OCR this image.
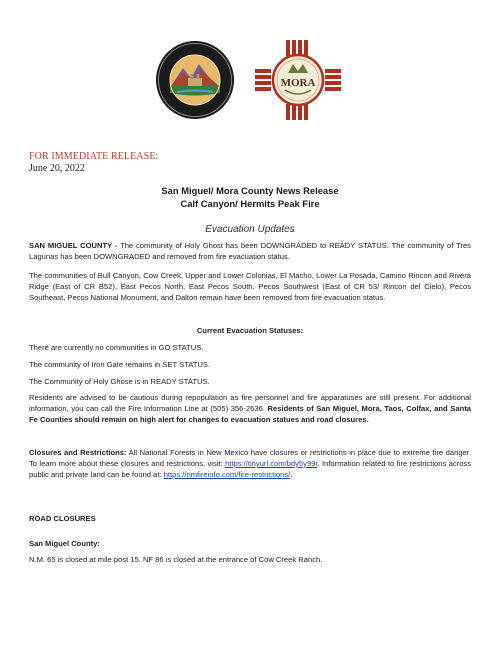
MORA
FOR IMMEDIATE RELEASE:
June 20, 2022
San Miguel/ Mora County News Release
Calf Canyon/ Hermits Peak Fire
Evacuation Updates

SAN MIGUEL COUNTY - The community of Holy Ghost has been DOWNGRADED to READY STATUS. The community of Tres Lagunas has been DOWNGRADED and removed from fire evacuation status.

The communities of Bull Canyon, Cow Creek, Upper and Lower Colonias, El Macho, Lower La Posada, Camino Rincon and Rivera Ridge (East of CR B52), East Pecos North, East Pecos South, Pecos Southwest (East of CR 53/ Rincon del Cielo), Pecos Southeast, Pecos National Monument, and Dalton remain have been removed from fire evacuation status.

Current Evacuation Statuses:
There are currently no communities in GO STATUS.
The community of Iron Gate remains in SET STATUS.
The Community of Holy Ghose is in READY STATUS.

Residents are advised to be cautious during repopulation as fire personnel and fire apparatuses are still present. For additional information, you can call the Fire Information Line at (505) 356-2636. Residents of San Miguel, Mora, Taos, Colfax, and Santa Fe Counties should remain on high alert for changes to evacuation statues and road closures.

Closures and Restrictions: All National Forests in New Mexico have closures or restrictions in place due to extreme fire danger. To learn more about these closures and restrictions, visit: https://tinyurl.com/bdy5y99r. Information related to fire restrictions across public and private land can be found at: https://nmfireinfo.com/fire-restrictions/.

ROAD CLOSURES
San Miguel County:
N.M. 65 is closed at mile post 15. NF 86 is closed at the entrance of Cow Creek Ranch.
